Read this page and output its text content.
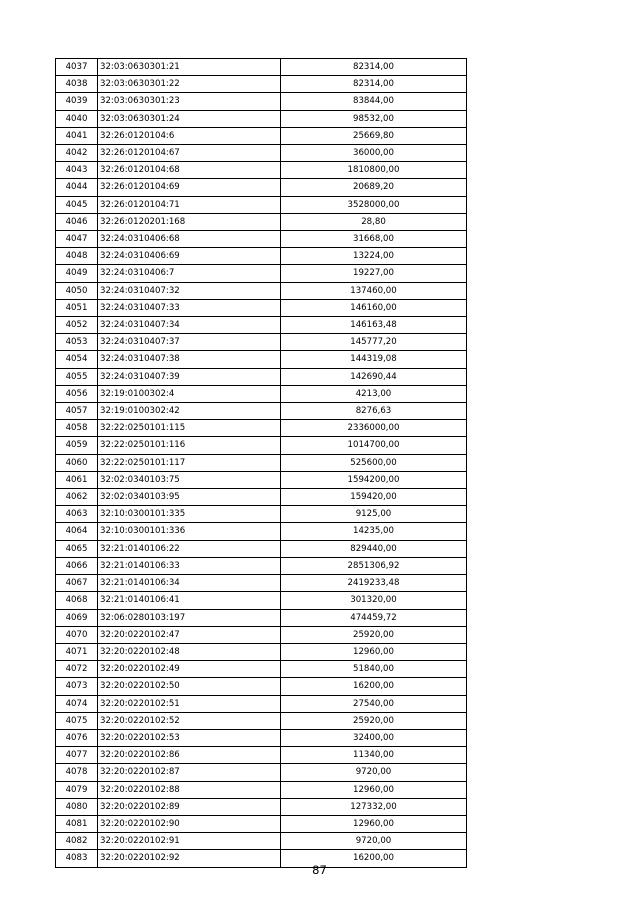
4037	32:03:0630301:21	82314,00
4038	32:03:0630301:22	82314,00
4039	32:03:0630301:23	83844,00
4040	32:03:0630301:24	98532,00
4041	32:26:0120104:6	25669,80
4042	32:26:0120104:67	36000,00
4043	32:26:0120104:68	1810800,00
4044	32:26:0120104:69	20689,20
4045	32:26:0120104:71	3528000,00
4046	32:26:0120201:168	28,80
4047	32:24:0310406:68	31668,00
4048	32:24:0310406:69	13224,00
4049	32:24:0310406:7	19227,00
4050	32:24:0310407:32	137460,00
4051	32:24:0310407:33	146160,00
4052	32:24:0310407:34	146163,48
4053	32:24:0310407:37	145777,20
4054	32:24:0310407:38	144319,08
4055	32:24:0310407:39	142690,44
4056	32:19:0100302:4	4213,00
4057	32:19:0100302:42	8276,63
4058	32:22:0250101:115	2336000,00
4059	32:22:0250101:116	1014700,00
4060	32:22:0250101:117	525600,00
4061	32:02:0340103:75	1594200,00
4062	32:02:0340103:95	159420,00
4063	32:10:0300101:335	9125,00
4064	32:10:0300101:336	14235,00
4065	32:21:0140106:22	829440,00
4066	32:21:0140106:33	2851306,92
4067	32:21:0140106:34	2419233,48
4068	32:21:0140106:41	301320,00
4069	32:06:0280103:197	474459,72
4070	32:20:0220102:47	25920,00
4071	32:20:0220102:48	12960,00
4072	32:20:0220102:49	51840,00
4073	32:20:0220102:50	16200,00
4074	32:20:0220102:51	27540,00
4075	32:20:0220102:52	25920,00
4076	32:20:0220102:53	32400,00
4077	32:20:0220102:86	11340,00
4078	32:20:0220102:87	9720,00
4079	32:20:0220102:88	12960,00
4080	32:20:0220102:89	127332,00
4081	32:20:0220102:90	12960,00
4082	32:20:0220102:91	9720,00
4083	32:20:0220102:92	16200,00
87
